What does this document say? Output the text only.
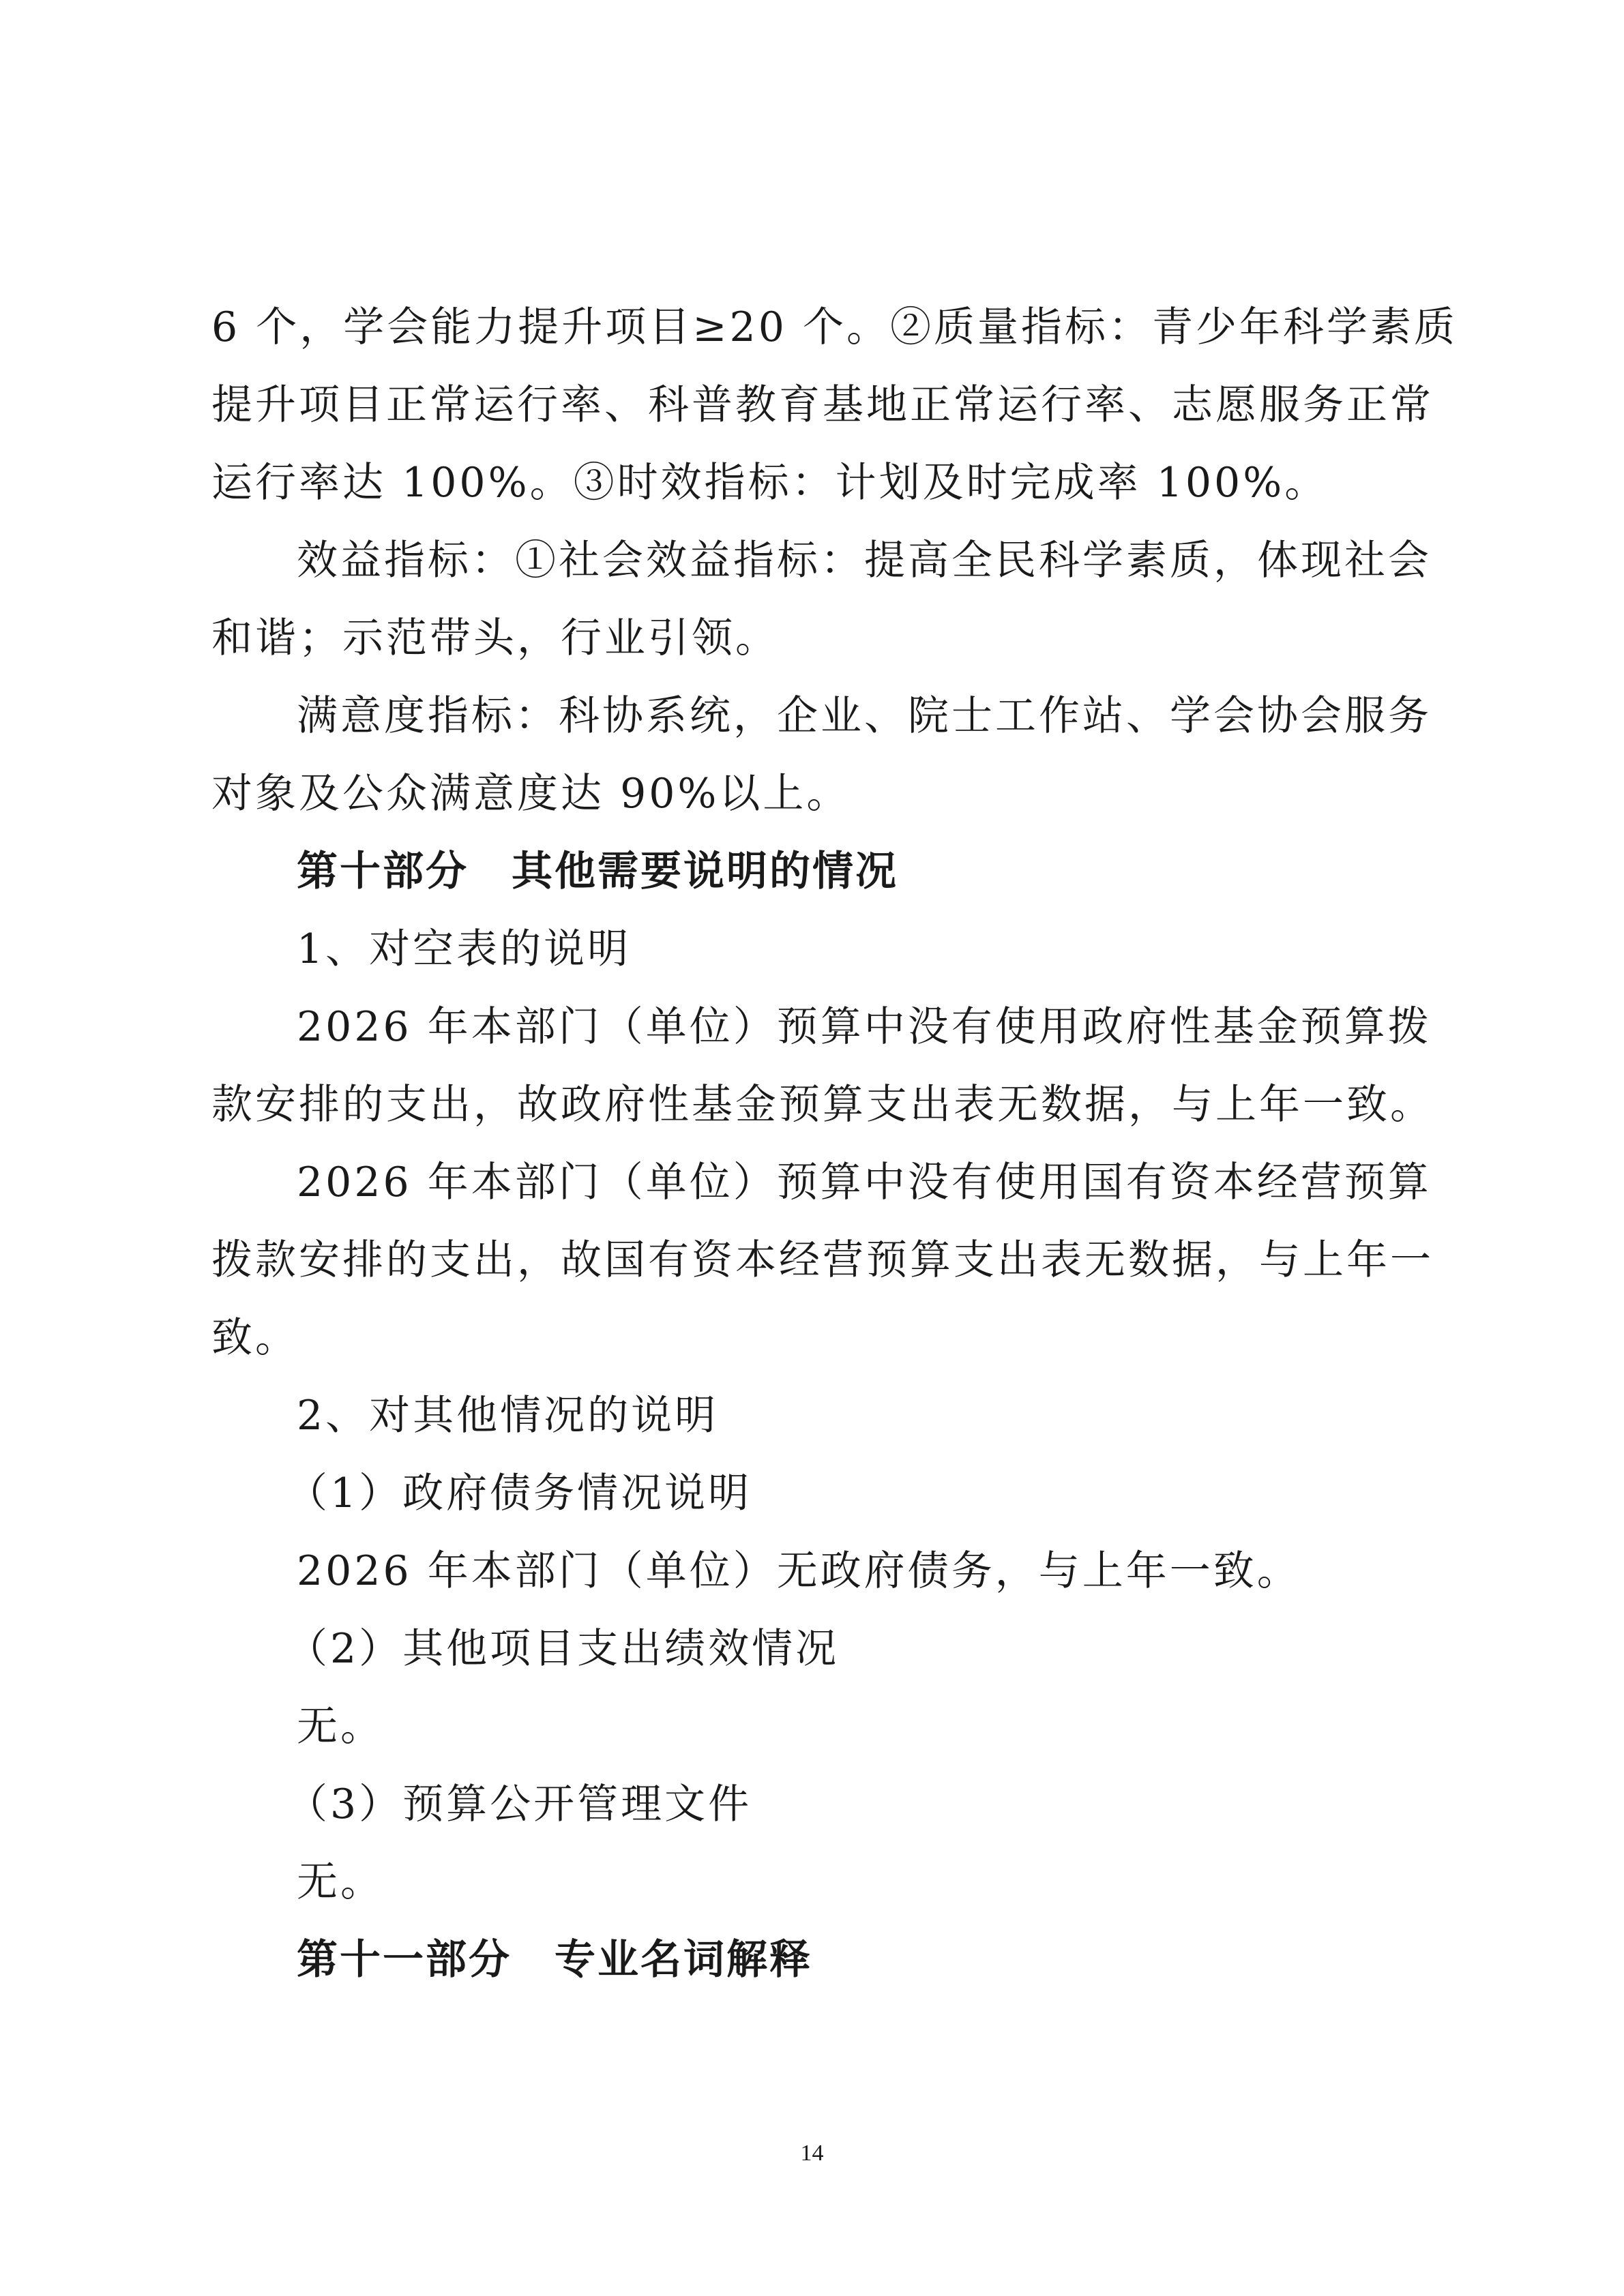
6 个，学会能力提升项目≥20 个。②质量指标：青少年科学素质
提升项目正常运行率、科普教育基地正常运行率、志愿服务正常
运行率达 100%。③时效指标：计划及时完成率 100%。
效益指标：①社会效益指标：提高全民科学素质，体现社会
和谐；示范带头，行业引领。
满意度指标：科协系统，企业、院士工作站、学会协会服务
对象及公众满意度达 90%以上。
第十部分　其他需要说明的情况
1、对空表的说明
2026 年本部门（单位）预算中没有使用政府性基金预算拨
款安排的支出，故政府性基金预算支出表无数据，与上年一致。
2026 年本部门（单位）预算中没有使用国有资本经营预算
拨款安排的支出，故国有资本经营预算支出表无数据，与上年一
致。
2、对其他情况的说明
（1）政府债务情况说明
2026 年本部门（单位）无政府债务，与上年一致。
（2）其他项目支出绩效情况
无。
（3）预算公开管理文件
无。
第十一部分　专业名词解释
14
